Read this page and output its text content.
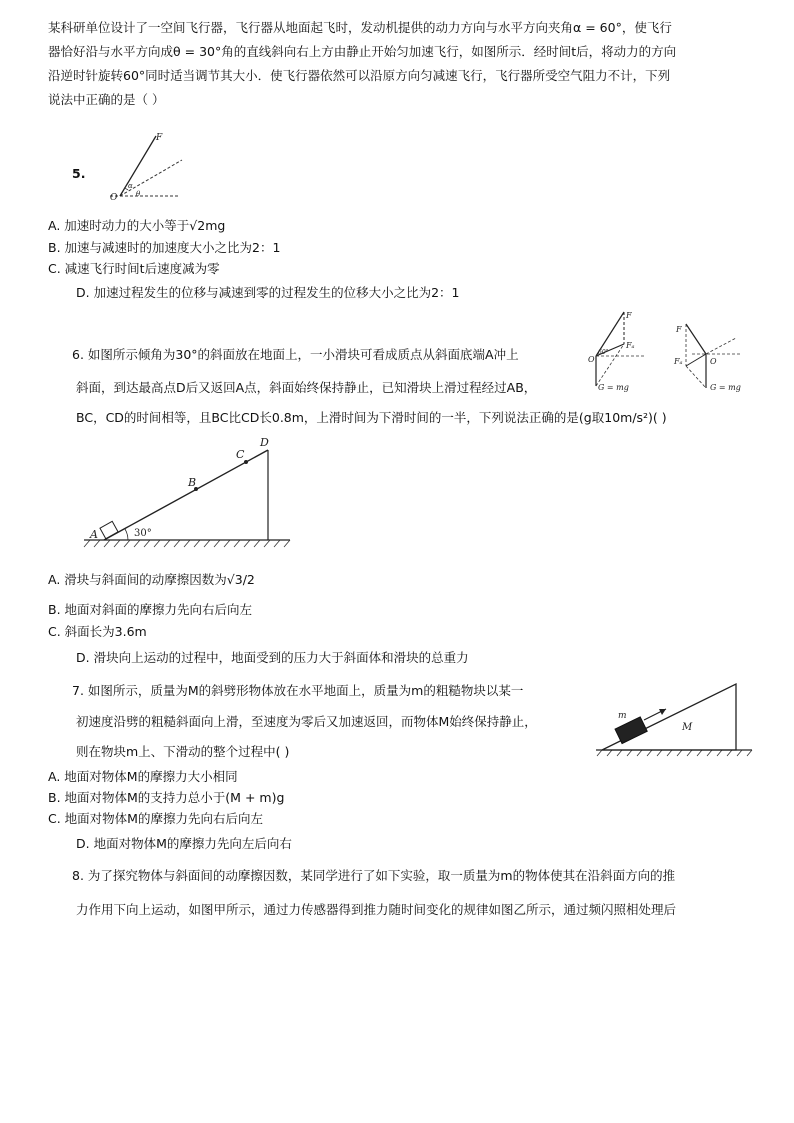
某科研单位设计了一空间飞行器，飞行器从地面起飞时，发动机提供的动力方向与水平方向夹角α = 60°，使飞行
器恰好沿与水平方向成θ = 30°角的直线斜向右上方由静止开始匀加速飞行，如图所示．经时间t后，将动力的方向
沿逆时针旋转60°同时适当调节其大小．使飞行器依然可以沿原方向匀减速飞行，飞行器所受空气阻力不计，下列
说法中正确的是（ ）
5.
F
O
α
θ
A. 加速时动力的大小等于√2mg
B. 加速与减速时的加速度大小之比为2：1
C. 减速飞行时间t后速度减为零
D. 加速过程发生的位移与减速到零的过程发生的位移大小之比为2：1
6. 如图所示倾角为30°的斜面放在地面上，一小滑块可看成质点从斜面底端A冲上
斜面，到达最高点D后又返回A点，斜面始终保持静止，已知滑块上滑过程经过AB，
BC，CD的时间相等，且BC比CD长0.8m，上滑时间为下滑时间的一半，下列说法正确的是(g取10m/s²)( )
F
Fₐ
60°
O
G = mg
F
Fₐ	O
G = mg
A
B
C
D
30°
A. 滑块与斜面间的动摩擦因数为√3/2
B. 地面对斜面的摩擦力先向右后向左
C. 斜面长为3.6m
D. 滑块向上运动的过程中，地面受到的压力大于斜面体和滑块的总重力
7. 如图所示，质量为M的斜劈形物体放在水平地面上，质量为m的粗糙物块以某一
初速度沿劈的粗糙斜面向上滑，至速度为零后又加速返回，而物体M始终保持静止，
则在物块m上、下滑动的整个过程中( )
m
M
A. 地面对物体M的摩擦力大小相同
B. 地面对物体M的支持力总小于(M + m)g
C. 地面对物体M的摩擦力先向右后向左
D. 地面对物体M的摩擦力先向左后向右
8. 为了探究物体与斜面间的动摩擦因数，某同学进行了如下实验，取一质量为m的物体使其在沿斜面方向的推
力作用下向上运动，如图甲所示，通过力传感器得到推力随时间变化的规律如图乙所示，通过频闪照相处理后
